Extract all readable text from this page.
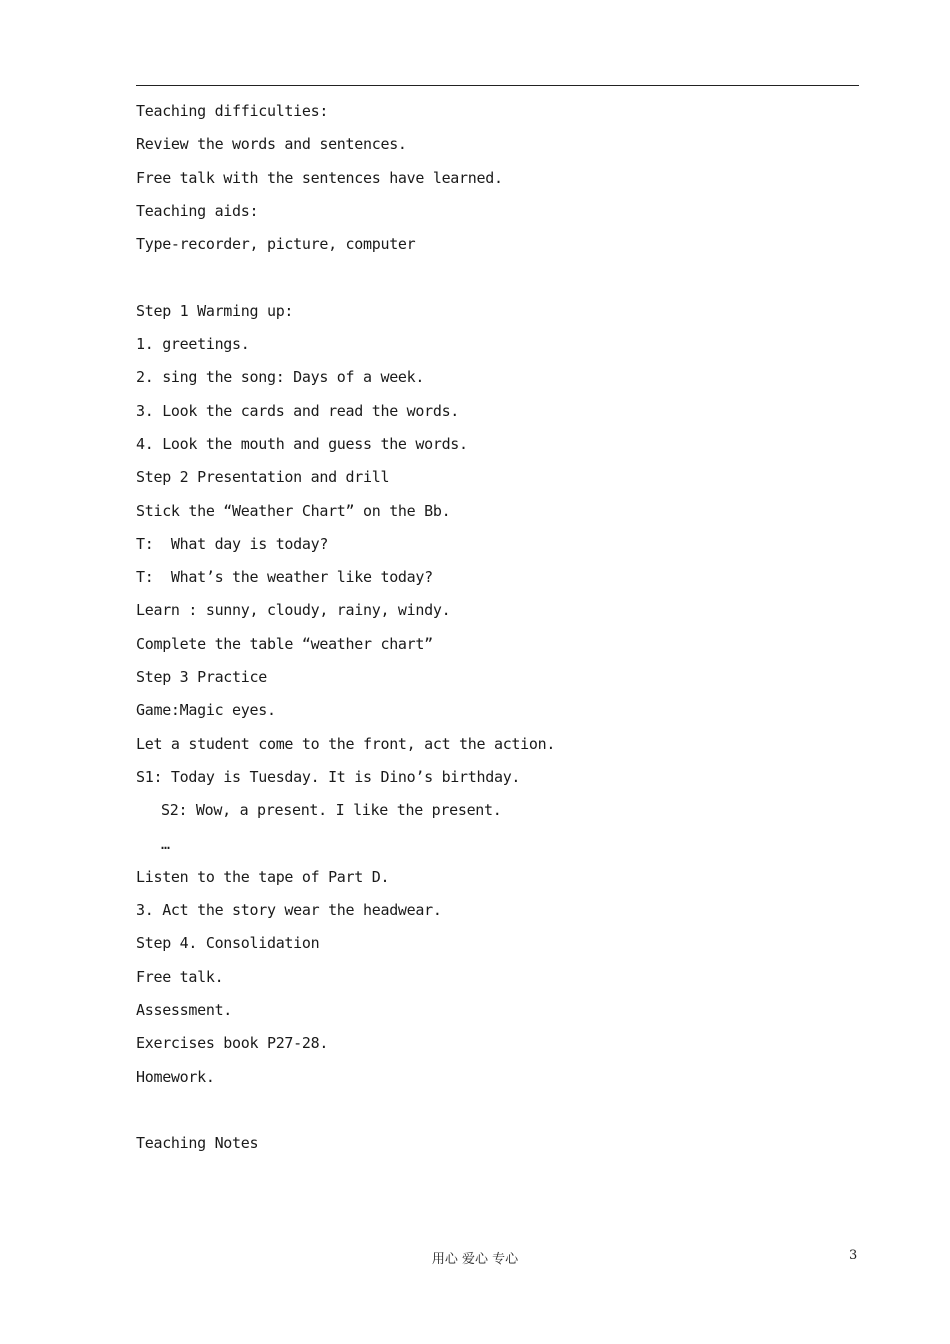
Teaching difficulties:
Review the words and sentences.
Free talk with the sentences have learned.
Teaching aids:
Type-recorder, picture, computer
Step 1 Warming up:
1. greetings.
2. sing the song: Days of a week.
3. Look the cards and read the words.
4. Look the mouth and guess the words.
Step 2 Presentation and drill
Stick the “Weather Chart” on the Bb.
T:  What day is today?
T:  What’s the weather like today?
Learn : sunny, cloudy, rainy, windy.
Complete the table “weather chart”
Step 3 Practice
Game:Magic eyes.
Let a student come to the front, act the action.
S1: Today is Tuesday. It is Dino’s birthday.
S2: Wow, a present. I like the present.
…
Listen to the tape of Part D.
3. Act the story wear the headwear.
Step 4. Consolidation
Free talk.
Assessment.
Exercises book P27-28.
Homework.
Teaching Notes
用心 爱心 专心	3
